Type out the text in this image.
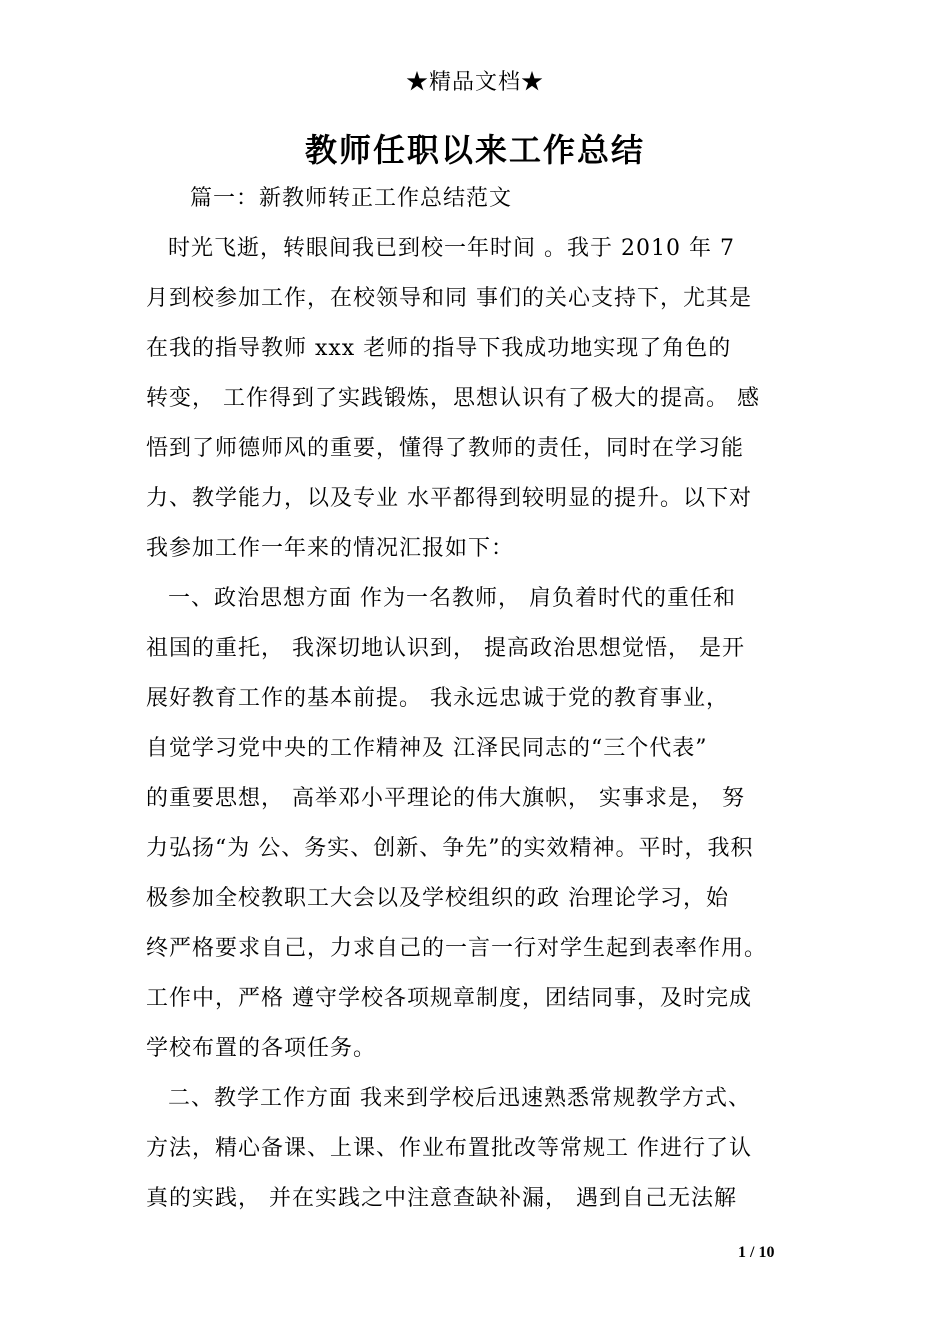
★精品文档★
教师任职以来工作总结
篇一：新教师转正工作总结范文
时光飞逝，转眼间我已到校一年时间 。我于 2010 年 7
月到校参加工作，在校领导和同 事们的关心支持下，尤其是
在我的指导教师 xxx 老师的指导下我成功地实现了角色的
转变， 工作得到了实践锻炼，思想认识有了极大的提高。 感
悟到了师德师风的重要，懂得了教师的责任，同时在学习能
力、教学能力，以及专业 水平都得到较明显的提升。以下对
我参加工作一年来的情况汇报如下：
一、政治思想方面 作为一名教师， 肩负着时代的重任和
祖国的重托， 我深切地认识到， 提高政治思想觉悟， 是开
展好教育工作的基本前提。 我永远忠诚于党的教育事业，
自觉学习党中央的工作精神及 江泽民同志的“三个代表”
的重要思想， 高举邓小平理论的伟大旗帜， 实事求是， 努
力弘扬“为 公、务实、创新、争先”的实效精神。平时，我积
极参加全校教职工大会以及学校组织的政 治理论学习，始
终严格要求自己，力求自己的一言一行对学生起到表率作用。
工作中，严格 遵守学校各项规章制度，团结同事，及时完成
学校布置的各项任务。
二、教学工作方面 我来到学校后迅速熟悉常规教学方式、
方法，精心备课、上课、作业布置批改等常规工 作进行了认
真的实践， 并在实践之中注意查缺补漏， 遇到自己无法解
1 / 10
